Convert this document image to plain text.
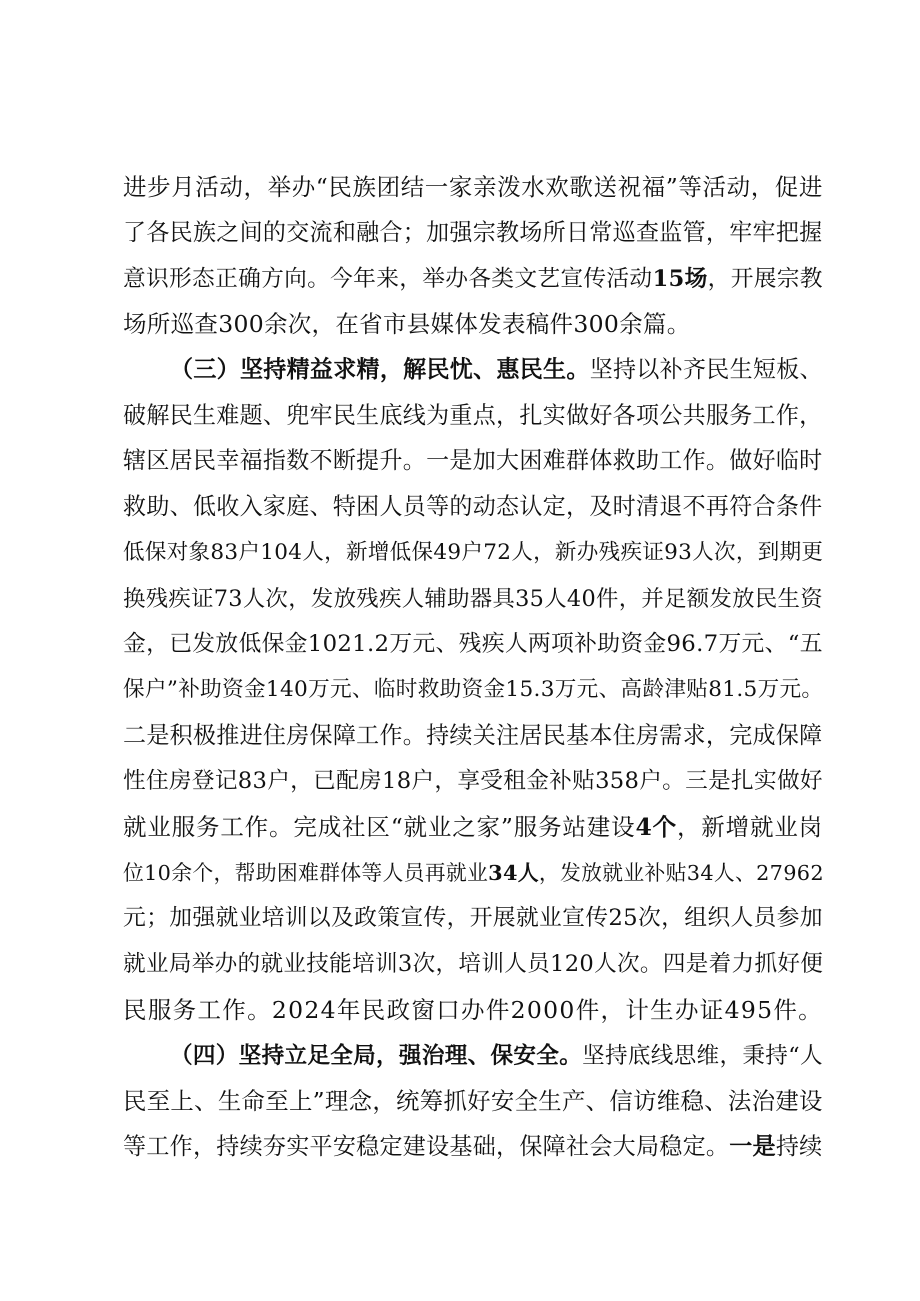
进步月活动，举办“民族团结一家亲泼水欢歌送祝福”等活动，促进
了各民族之间的交流和融合；加强宗教场所日常巡查监管，牢牢把握
意识形态正确方向。今年来，举办各类文艺宣传活动15场，开展宗教
场所巡查300余次，在省市县媒体发表稿件300余篇。
（三）坚持精益求精，解民忧、惠民生。坚持以补齐民生短板、
破解民生难题、兜牢民生底线为重点，扎实做好各项公共服务工作，
辖区居民幸福指数不断提升。一是加大困难群体救助工作。做好临时
救助、低收入家庭、特困人员等的动态认定，及时清退不再符合条件
低保对象83户104人，新增低保49户72人，新办残疾证93人次，到期更
换残疾证73人次，发放残疾人辅助器具35人40件，并足额发放民生资
金，已发放低保金1021.2万元、残疾人两项补助资金96.7万元、“五
保户”补助资金140万元、临时救助资金15.3万元、高龄津贴81.5万元。
二是积极推进住房保障工作。持续关注居民基本住房需求，完成保障
性住房登记83户，已配房18户，享受租金补贴358户。三是扎实做好
就业服务工作。完成社区“就业之家”服务站建设4个，新增就业岗
位10余个，帮助困难群体等人员再就业34人，发放就业补贴34人、27962
元；加强就业培训以及政策宣传，开展就业宣传25次，组织人员参加
就业局举办的就业技能培训3次，培训人员120人次。四是着力抓好便
民服务工作。2024年民政窗口办件2000件，计生办证495件。
（四）坚持立足全局，强治理、保安全。坚持底线思维，秉持“人
民至上、生命至上”理念，统筹抓好安全生产、信访维稳、法治建设
等工作，持续夯实平安稳定建设基础，保障社会大局稳定。一是持续
